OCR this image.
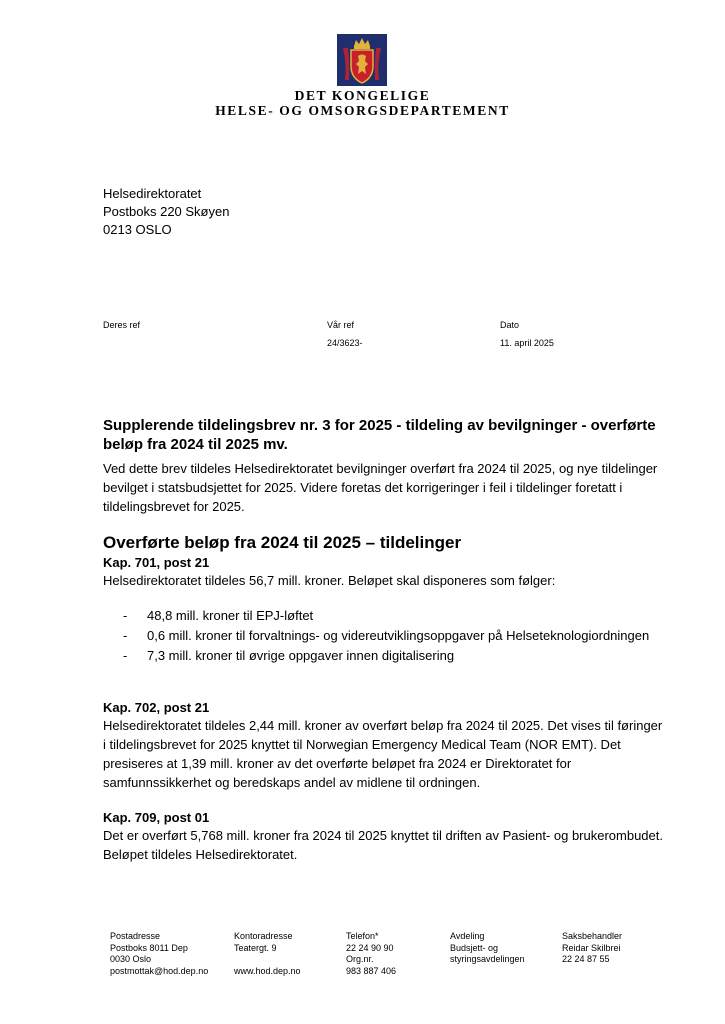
DET KONGELIGE
HELSE- OG OMSORGSDEPARTEMENT
Helsedirektoratet
Postboks 220 Skøyen
0213 OSLO
Deres ref	Vår ref
24/3623-
Dato
11. april 2025
Supplerende tildelingsbrev nr. 3 for 2025 - tildeling av bevilgninger - overførte beløp fra 2024 til 2025 mv.
Ved dette brev tildeles Helsedirektoratet bevilgninger overført fra 2024 til 2025, og nye tildelinger bevilget i statsbudsjettet for 2025. Videre foretas det korrigeringer i feil i tildelinger foretatt i tildelingsbrevet for 2025.
Overførte beløp fra 2024 til 2025 – tildelinger
Kap. 701, post 21
Helsedirektoratet tildeles 56,7 mill. kroner. Beløpet skal disponeres som følger:
- 48,8 mill. kroner til EPJ-løftet
- 0,6 mill. kroner til forvaltnings- og videreutviklingsoppgaver på Helseteknologiordningen
- 7,3 mill. kroner til øvrige oppgaver innen digitalisering
Kap. 702, post 21
Helsedirektoratet tildeles 2,44 mill. kroner av overført beløp fra 2024 til 2025. Det vises til føringer i tildelingsbrevet for 2025 knyttet til Norwegian Emergency Medical Team (NOR EMT). Det presiseres at 1,39 mill. kroner av det overførte beløpet fra 2024 er Direktoratet for samfunnssikkerhet og beredskaps andel av midlene til ordningen.
Kap. 709, post 01
Det er overført 5,768 mill. kroner fra 2024 til 2025 knyttet til driften av Pasient- og brukerombudet. Beløpet tildeles Helsedirektoratet.
Postadresse
Postboks 8011 Dep
0030 Oslo
postmottak@hod.dep.no
Kontoradresse
Teatergt. 9

www.hod.dep.no
Telefon*
22 24 90 90
Org.nr.
983 887 406
Avdeling
Budsjett- og
styringsavdelingen
Saksbehandler
Reidar Skilbrei
22 24 87 55
